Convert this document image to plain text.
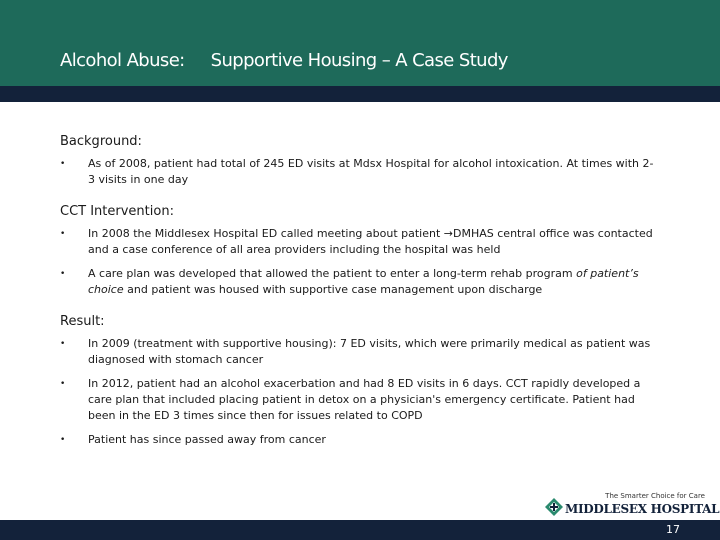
Alcohol Abuse: Supportive Housing – A Case Study
Background:
• As of 2008, patient had total of 245 ED visits at Mdsx Hospital for alcohol intoxication. At times with 2-3 visits in one day
CCT Intervention:
• In 2008 the Middlesex Hospital ED called meeting about patient →DMHAS central office was contacted and a case conference of all area providers including the hospital was held
• A care plan was developed that allowed the patient to enter a long-term rehab program of patient’s choice and patient was housed with supportive case management upon discharge
Result:
• In 2009 (treatment with supportive housing): 7 ED visits, which were primarily medical as patient was diagnosed with stomach cancer
• In 2012, patient had an alcohol exacerbation and had 8 ED visits in 6 days. CCT rapidly developed a care plan that included placing patient in detox on a physician's emergency certificate. Patient had been in the ED 3 times since then for issues related to COPD
• Patient has since passed away from cancer
The Smarter Choice for Care
MIDDLESEX HOSPITAL
17
